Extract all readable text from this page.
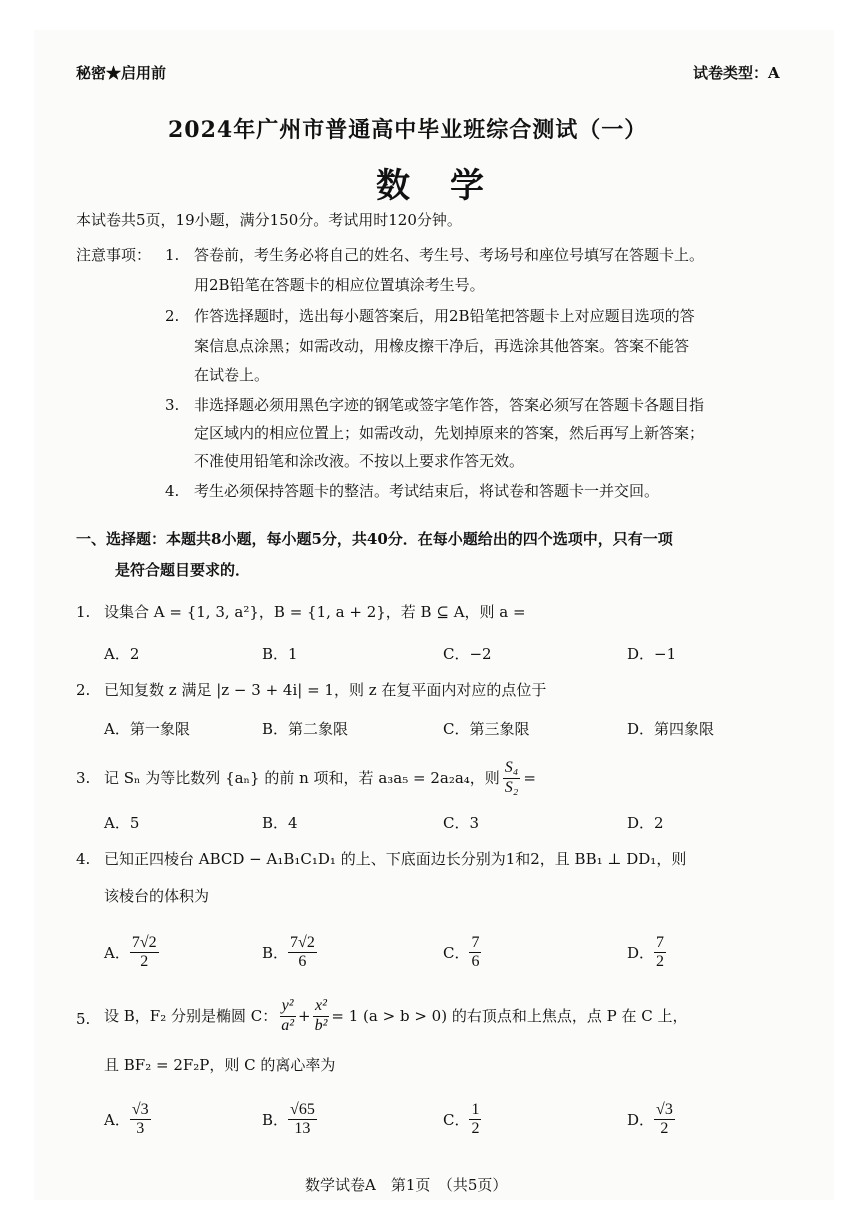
秘密★启用前	试卷类型：A
2024年广州市普通高中毕业班综合测试（一）
数学
本试卷共5页，19小题，满分150分。考试用时120分钟。
注意事项： 1. 答卷前，考生务必将自己的姓名、考生号、考场号和座位号填写在答题卡上。
用2B铅笔在答题卡的相应位置填涂考生号。
2. 作答选择题时，选出每小题答案后，用2B铅笔把答题卡上对应题目选项的答
案信息点涂黑；如需改动，用橡皮擦干净后，再选涂其他答案。答案不能答
在试卷上。
3. 非选择题必须用黑色字迹的钢笔或签字笔作答，答案必须写在答题卡各题目指
定区域内的相应位置上；如需改动，先划掉原来的答案，然后再写上新答案；
不准使用铅笔和涂改液。不按以上要求作答无效。
4. 考生必须保持答题卡的整洁。考试结束后，将试卷和答题卡一并交回。
一、选择题：本题共8小题，每小题5分，共40分．在每小题给出的四个选项中，只有一项
是符合题目要求的．
1. 设集合 A = {1, 3, a²}，B = {1, a + 2}，若 B ⊆ A，则 a =
A．2	B．1	C．−2	D．−1
2. 已知复数 z 满足 |z − 3 + 4i| = 1，则 z 在复平面内对应的点位于
A．第一象限	B．第二象限	C．第三象限	D．第四象限
3. 记 Sₙ 为等比数列 {aₙ} 的前 n 项和，若 a₃a₅ = 2a₂a₄，则 $\frac{\text{S₄}}{\text{S₂}}$ =
A．5	B．4	C．3	D．2
4. 已知正四棱台 ABCD − A₁B₁C₁D₁ 的上、下底面边长分别为1和2，且 BB₁ ⊥ DD₁，则
该棱台的体积为
A． $\frac{7√2}{2}$	B． $\frac{7√2}{6}$	C． $\frac{7}{6}$	D． $\frac{7}{2}$
5. 设 B，F₂ 分别是椭圆 C： $\frac{\text{y²}}{\text{a²}} + \frac{\text{x²}}{\text{b²}} = 1$ (a > b > 0) 的右顶点和上焦点，点 P 在 C 上，
且 BF₂ = 2F₂P，则 C 的离心率为
A． $\frac{√3}{3}$	B． $\frac{√65}{13}$	C． $\frac{1}{2}$	D． $\frac{√3}{2}$
数学试卷A　第1页　（共5页）
